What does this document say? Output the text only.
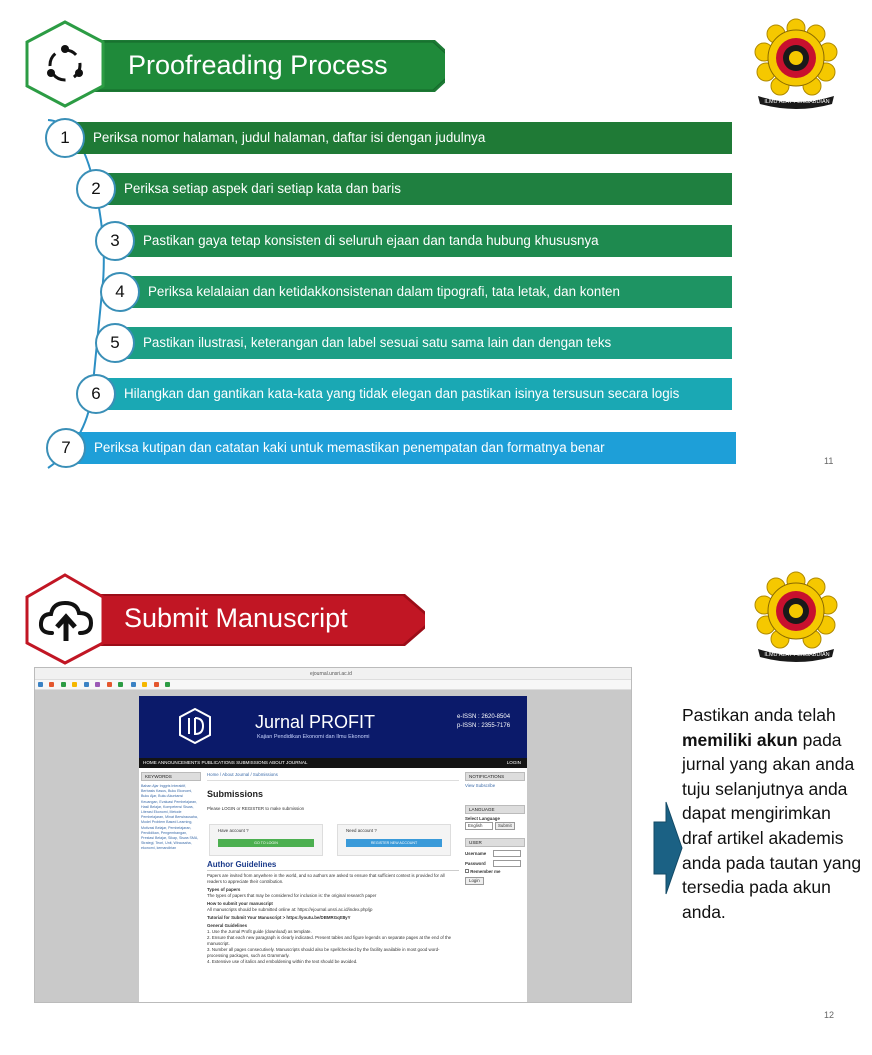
Proofreading Process
ILMU ALAT PENGABDIAN
Periksa nomor halaman, judul halaman, daftar isi dengan judulnya
1
Periksa setiap aspek dari setiap kata dan baris
2
Pastikan gaya tetap konsisten di seluruh ejaan dan tanda hubung khususnya
3
Periksa kelalaian dan ketidakkonsistenan dalam tipografi, tata letak, dan konten
4
Pastikan ilustrasi, keterangan dan label sesuai satu sama lain dan dengan teks
5
Hilangkan dan gantikan kata-kata yang tidak elegan dan pastikan isinya tersusun secara logis
6
Periksa kutipan dan catatan kaki untuk memastikan penempatan dan formatnya benar
7
11
Submit Manuscript
ILMU ALAT PENGABDIAN
ejournal.unsri.ac.id

Jurnal PROFIT
Kajian Pendidikan Ekonomi dan Ilmu Ekonomi
e-ISSN : 2620-8504
p-ISSN : 2355-7176
HOME ANNOUNCEMENTS PUBLICATIONS SUBMISSIONS ABOUT JOURNAL	LOGIN
KEYWORDS
Bahan Ajar Inggris Interaktif, Berbasis Kasus, Buku Ekonomi, Buku Ajar, Buku Akuntansi Keuangan, Evaluasi Pembelajaran, Hasil Belajar, Kompetensi Siswa, Literasi Ekonomi, Metode Pembelajaran, Minat Berwirausaha, Model Problem Based Learning, Motivasi Belajar, Pembelajaran, Pendidikan, Pengembangan, Prestasi Belajar, Sikap, Siswa SMA, Strategi, Teori, Unit, Wirausaha, ekonomi, kemandirian
Home / About Journal / Submissions
Submissions
Please LOGIN or REGISTER to make submission
Have account ?
GO TO LOGIN
Need account ?
REGISTER NEW ACCOUNT
Author Guidelines
Papers are invited from anywhere in the world, and so authors are asked to ensure that sufficient context is provided for all readers to appreciate their contribution.
Types of papers
The types of papers that may be considered for inclusion is: the original research paper
How to submit your manuscript
All manuscripts should be submitted online at: https://ejournal.unsri.ac.id/index.php/jp
Tutorial for Submit Your Manuscript > https://youtu.be/DBMRGqtt8yY
General Guidelines
1. Use the Jurnal Profit guide (download) as template.
2. Ensure that each new paragraph is clearly indicated. Present tables and figure legends on separate pages at the end of the manuscript.
3. Number all pages consecutively. Manuscripts should also be spellchecked by the facility available in most good word-processing packages, such as Grammarly.
4. Extensive use of italics and emboldening within the text should be avoided.
NOTIFICATIONS
View Subscribe
LANGUAGE
Select Language
English	Submit
USER
Username
Password
Remember me
Login
Pastikan anda telah memiliki akun pada jurnal yang akan anda tuju selanjutnya anda dapat mengirimkan draf artikel akademis anda pada tautan yang tersedia pada akun anda.
12
